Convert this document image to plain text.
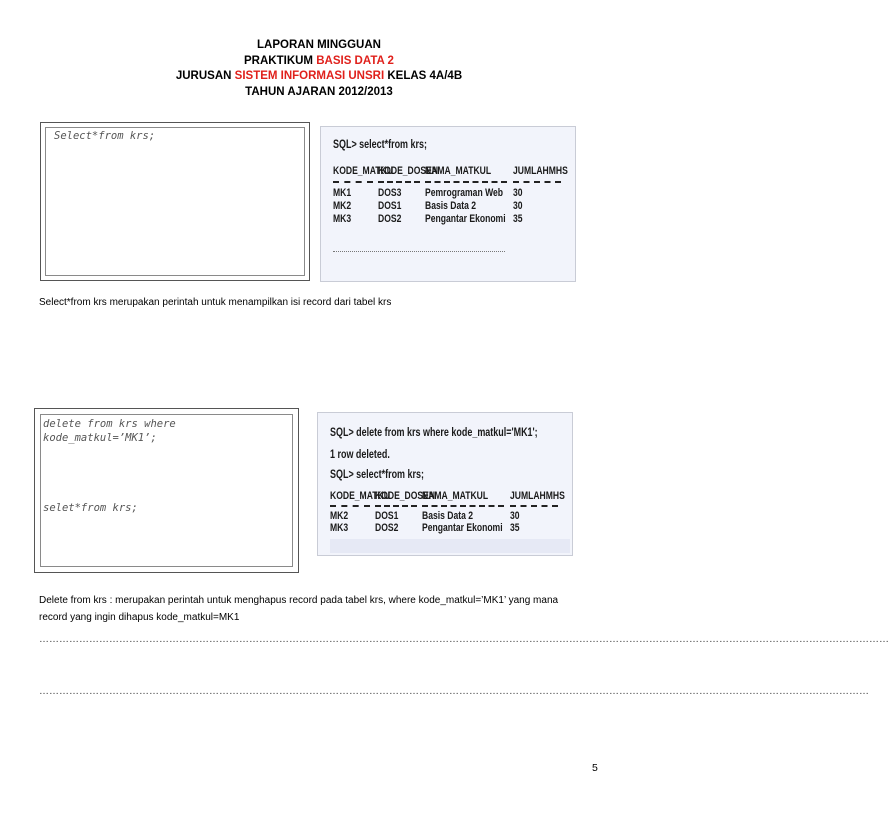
LAPORAN MINGGUAN
PRAKTIKUM BASIS DATA 2
JURUSAN SISTEM INFORMASI UNSRI KELAS 4A/4B
TAHUN AJARAN 2012/2013
Select*from krs;
SQL> select*from krs;
KODE_MATKU
KODE_DOSEN
NAMA_MATKUL JUMLAHMHS
MK1 DOS3 Pemrograman Web 30
MK2 DOS1 Basis Data 2	30
MK3 DOS2 Pengantar Ekonomi 35
Select*from krs merupakan perintah untuk menampilkan isi record dari tabel krs
delete from krs where
kode_matkul=’MK1’;
selet*from krs;
SQL> delete from krs where kode_matkul='MK1';
1 row deleted.
SQL> select*from krs;
KODE_MATKU
KODE_DOSEN
NAMA_MATKUL JUMLAHMHS
MK2 DOS1 Basis Data 2	30
MK3 DOS2 Pengantar Ekonomi 35
Delete from krs : merupakan perintah untuk menghapus record pada tabel krs, where kode_matkul=’MK1’ yang mana
record yang ingin dihapus kode_matkul=MK1
…………………………………………………………………………………………………………………………………………………………………………………………………………………………………
……………………………………………………………………………………………………………………………………………………………………………………………………………………………
5
